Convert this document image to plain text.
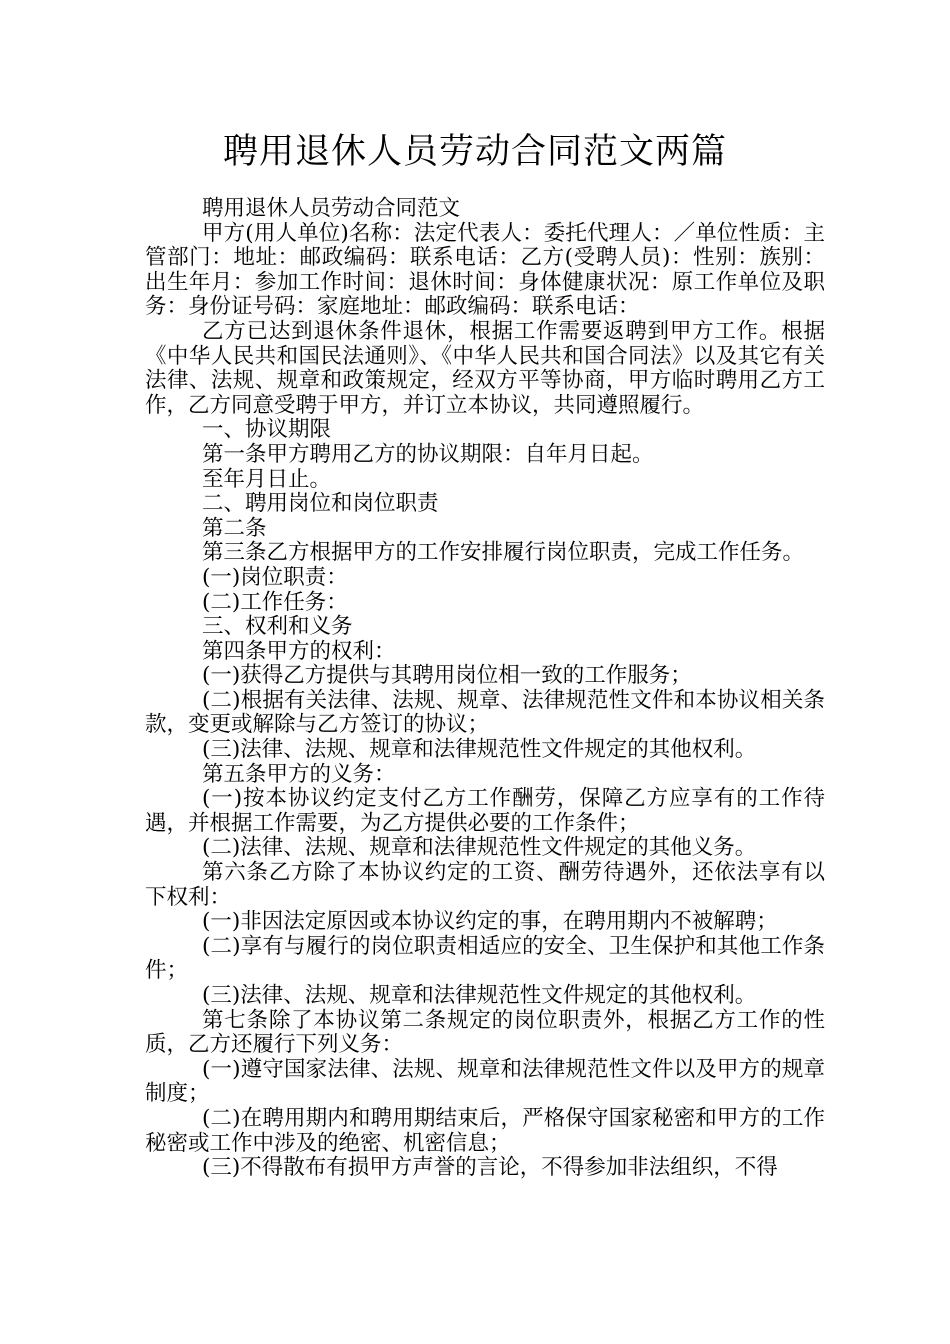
聘用退休人员劳动合同范文两篇

聘用退休人员劳动合同范文

甲方(用人单位)名称：法定代表人：委托代理人：／单位性质：主管部门：地址：邮政编码：联系电话：乙方(受聘人员)：性别：族别：出生年月：参加工作时间：退休时间：身体健康状况：原工作单位及职务：身份证号码：家庭地址：邮政编码：联系电话：

乙方已达到退休条件退休，根据工作需要返聘到甲方工作。根据《中华人民共和国民法通则》、《中华人民共和国合同法》以及其它有关法律、法规、规章和政策规定，经双方平等协商，甲方临时聘用乙方工作，乙方同意受聘于甲方，并订立本协议，共同遵照履行。

一、协议期限

第一条甲方聘用乙方的协议期限：自年月日起。

至年月日止。

二、聘用岗位和岗位职责

第二条

第三条乙方根据甲方的工作安排履行岗位职责，完成工作任务。

(一)岗位职责：

(二)工作任务：

三、权利和义务

第四条甲方的权利：

(一)获得乙方提供与其聘用岗位相一致的工作服务；

(二)根据有关法律、法规、规章、法律规范性文件和本协议相关条款，变更或解除与乙方签订的协议；

(三)法律、法规、规章和法律规范性文件规定的其他权利。

第五条甲方的义务：

(一)按本协议约定支付乙方工作酬劳，保障乙方应享有的工作待遇，并根据工作需要，为乙方提供必要的工作条件；

(二)法律、法规、规章和法律规范性文件规定的其他义务。

第六条乙方除了本协议约定的工资、酬劳待遇外，还依法享有以下权利：

(一)非因法定原因或本协议约定的事，在聘用期内不被解聘；

(二)享有与履行的岗位职责相适应的安全、卫生保护和其他工作条件；

(三)法律、法规、规章和法律规范性文件规定的其他权利。

第七条除了本协议第二条规定的岗位职责外，根据乙方工作的性质，乙方还履行下列义务：

(一)遵守国家法律、法规、规章和法律规范性文件以及甲方的规章制度；

(二)在聘用期内和聘用期结束后，严格保守国家秘密和甲方的工作秘密或工作中涉及的绝密、机密信息；

(三)不得散布有损甲方声誉的言论，不得参加非法组织，不得
